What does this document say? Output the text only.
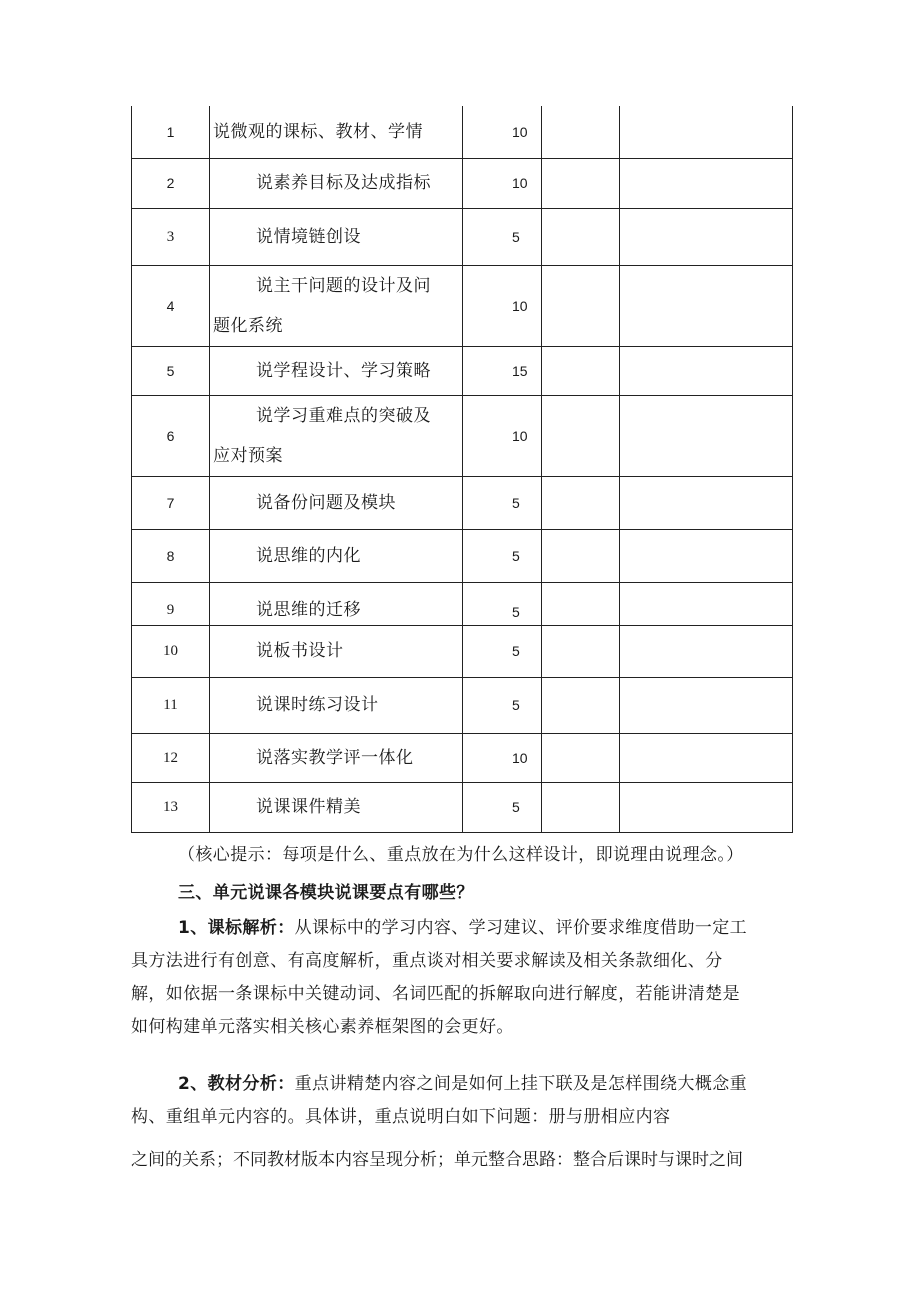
1	说微观的课标、教材、学情	10		
2	说素养目标及达成指标	10		
3	说情境链创设	5		
4	说主干问题的设计及问
题化系统	10		
5	说学程设计、学习策略	15		
6	说学习重难点的突破及
应对预案	10		
7	说备份问题及模块	5		
8	说思维的内化	5		
9	说思维的迁移	5		
10	说板书设计	5		
11	说课时练习设计	5		
12	说落实教学评一体化	10		
13	说课课件精美	5		
（核心提示：每项是什么、重点放在为什么这样设计，即说理由说理念。）
三、单元说课各模块说课要点有哪些？
1、课标解析：从课标中的学习内容、学习建议、评价要求维度借助一定工
具方法进行有创意、有高度解析，重点谈对相关要求解读及相关条款细化、分
解，如依据一条课标中关键动词、名词匹配的拆解取向进行解度，若能讲清楚是
如何构建单元落实相关核心素养框架图的会更好。
2、教材分析：重点讲精楚内容之间是如何上挂下联及是怎样围绕大概念重
构、重组单元内容的。具体讲，重点说明白如下问题：册与册相应内容
之间的关系；不同教材版本内容呈现分析；单元整合思路：整合后课时与课时之间
